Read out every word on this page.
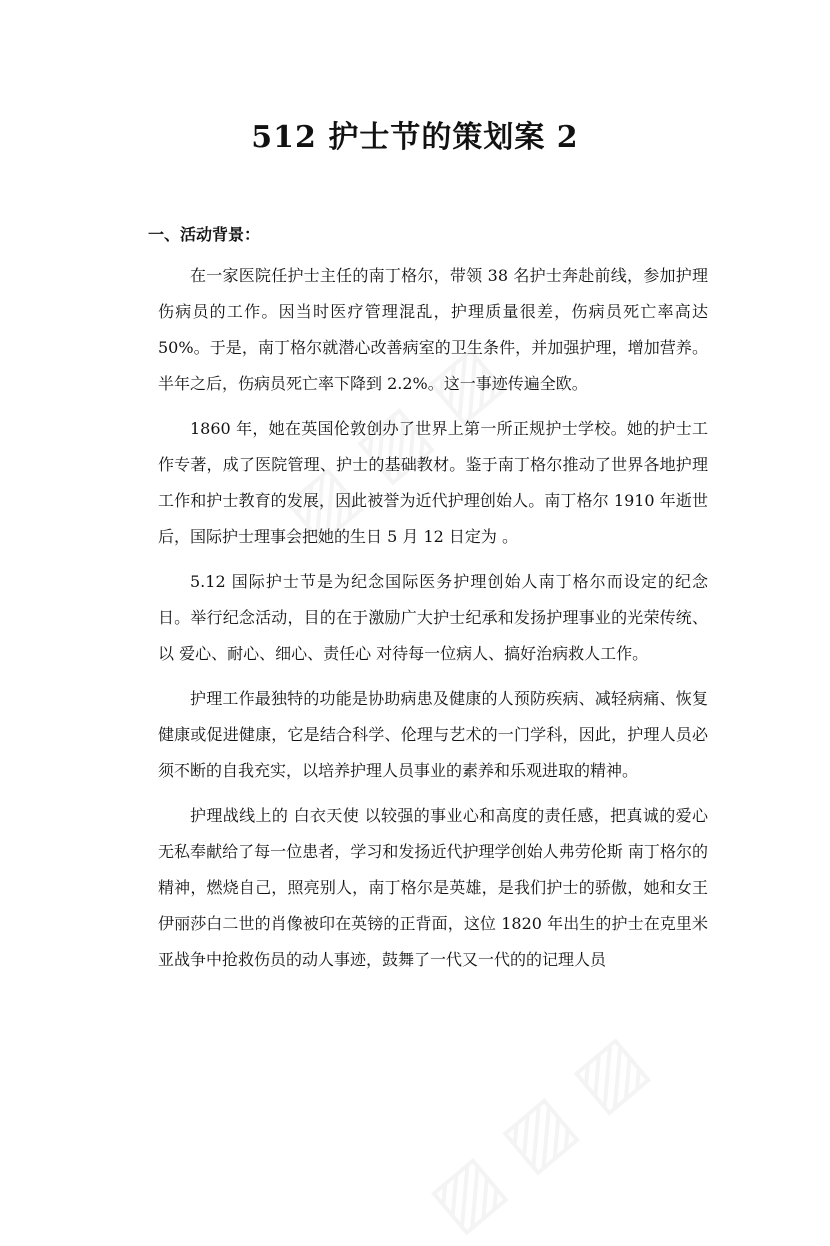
512 护士节的策划案 2
一、活动背景：

在一家医院任护士主任的南丁格尔，带领 38 名护士奔赴前线，参加护理伤病员的工作。因当时医疗管理混乱，护理质量很差，伤病员死亡率高达 50%。于是，南丁格尔就潜心改善病室的卫生条件，并加强护理，增加营养。半年之后，伤病员死亡率下降到 2.2%。这一事迹传遍全欧。

1860 年，她在英国伦敦创办了世界上第一所正规护士学校。她的护士工作专著，成了医院管理、护士的基础教材。鉴于南丁格尔推动了世界各地护理工作和护士教育的发展，因此被誉为近代护理创始人。南丁格尔 1910 年逝世后，国际护士理事会把她的生日 5 月 12 日定为 。

5.12 国际护士节是为纪念国际医务护理创始人南丁格尔而设定的纪念日。举行纪念活动，目的在于激励广大护士纪承和发扬护理事业的光荣传统、以 爱心、耐心、细心、责任心 对待每一位病人、搞好治病救人工作。

护理工作最独特的功能是协助病患及健康的人预防疾病、减轻病痛、恢复健康或促进健康，它是结合科学、伦理与艺术的一门学科，因此，护理人员必须不断的自我充实，以培养护理人员事业的素养和乐观进取的精神。

护理战线上的 白衣天使 以较强的事业心和高度的责任感，把真诚的爱心无私奉献给了每一位患者，学习和发扬近代护理学创始人弗劳伦斯 南丁格尔的精神，燃烧自己，照亮别人，南丁格尔是英雄，是我们护士的骄傲，她和女王伊丽莎白二世的肖像被印在英镑的正背面，这位 1820 年出生的护士在克里米亚战争中抢救伤员的动人事迹，鼓舞了一代又一代的的记理人员
